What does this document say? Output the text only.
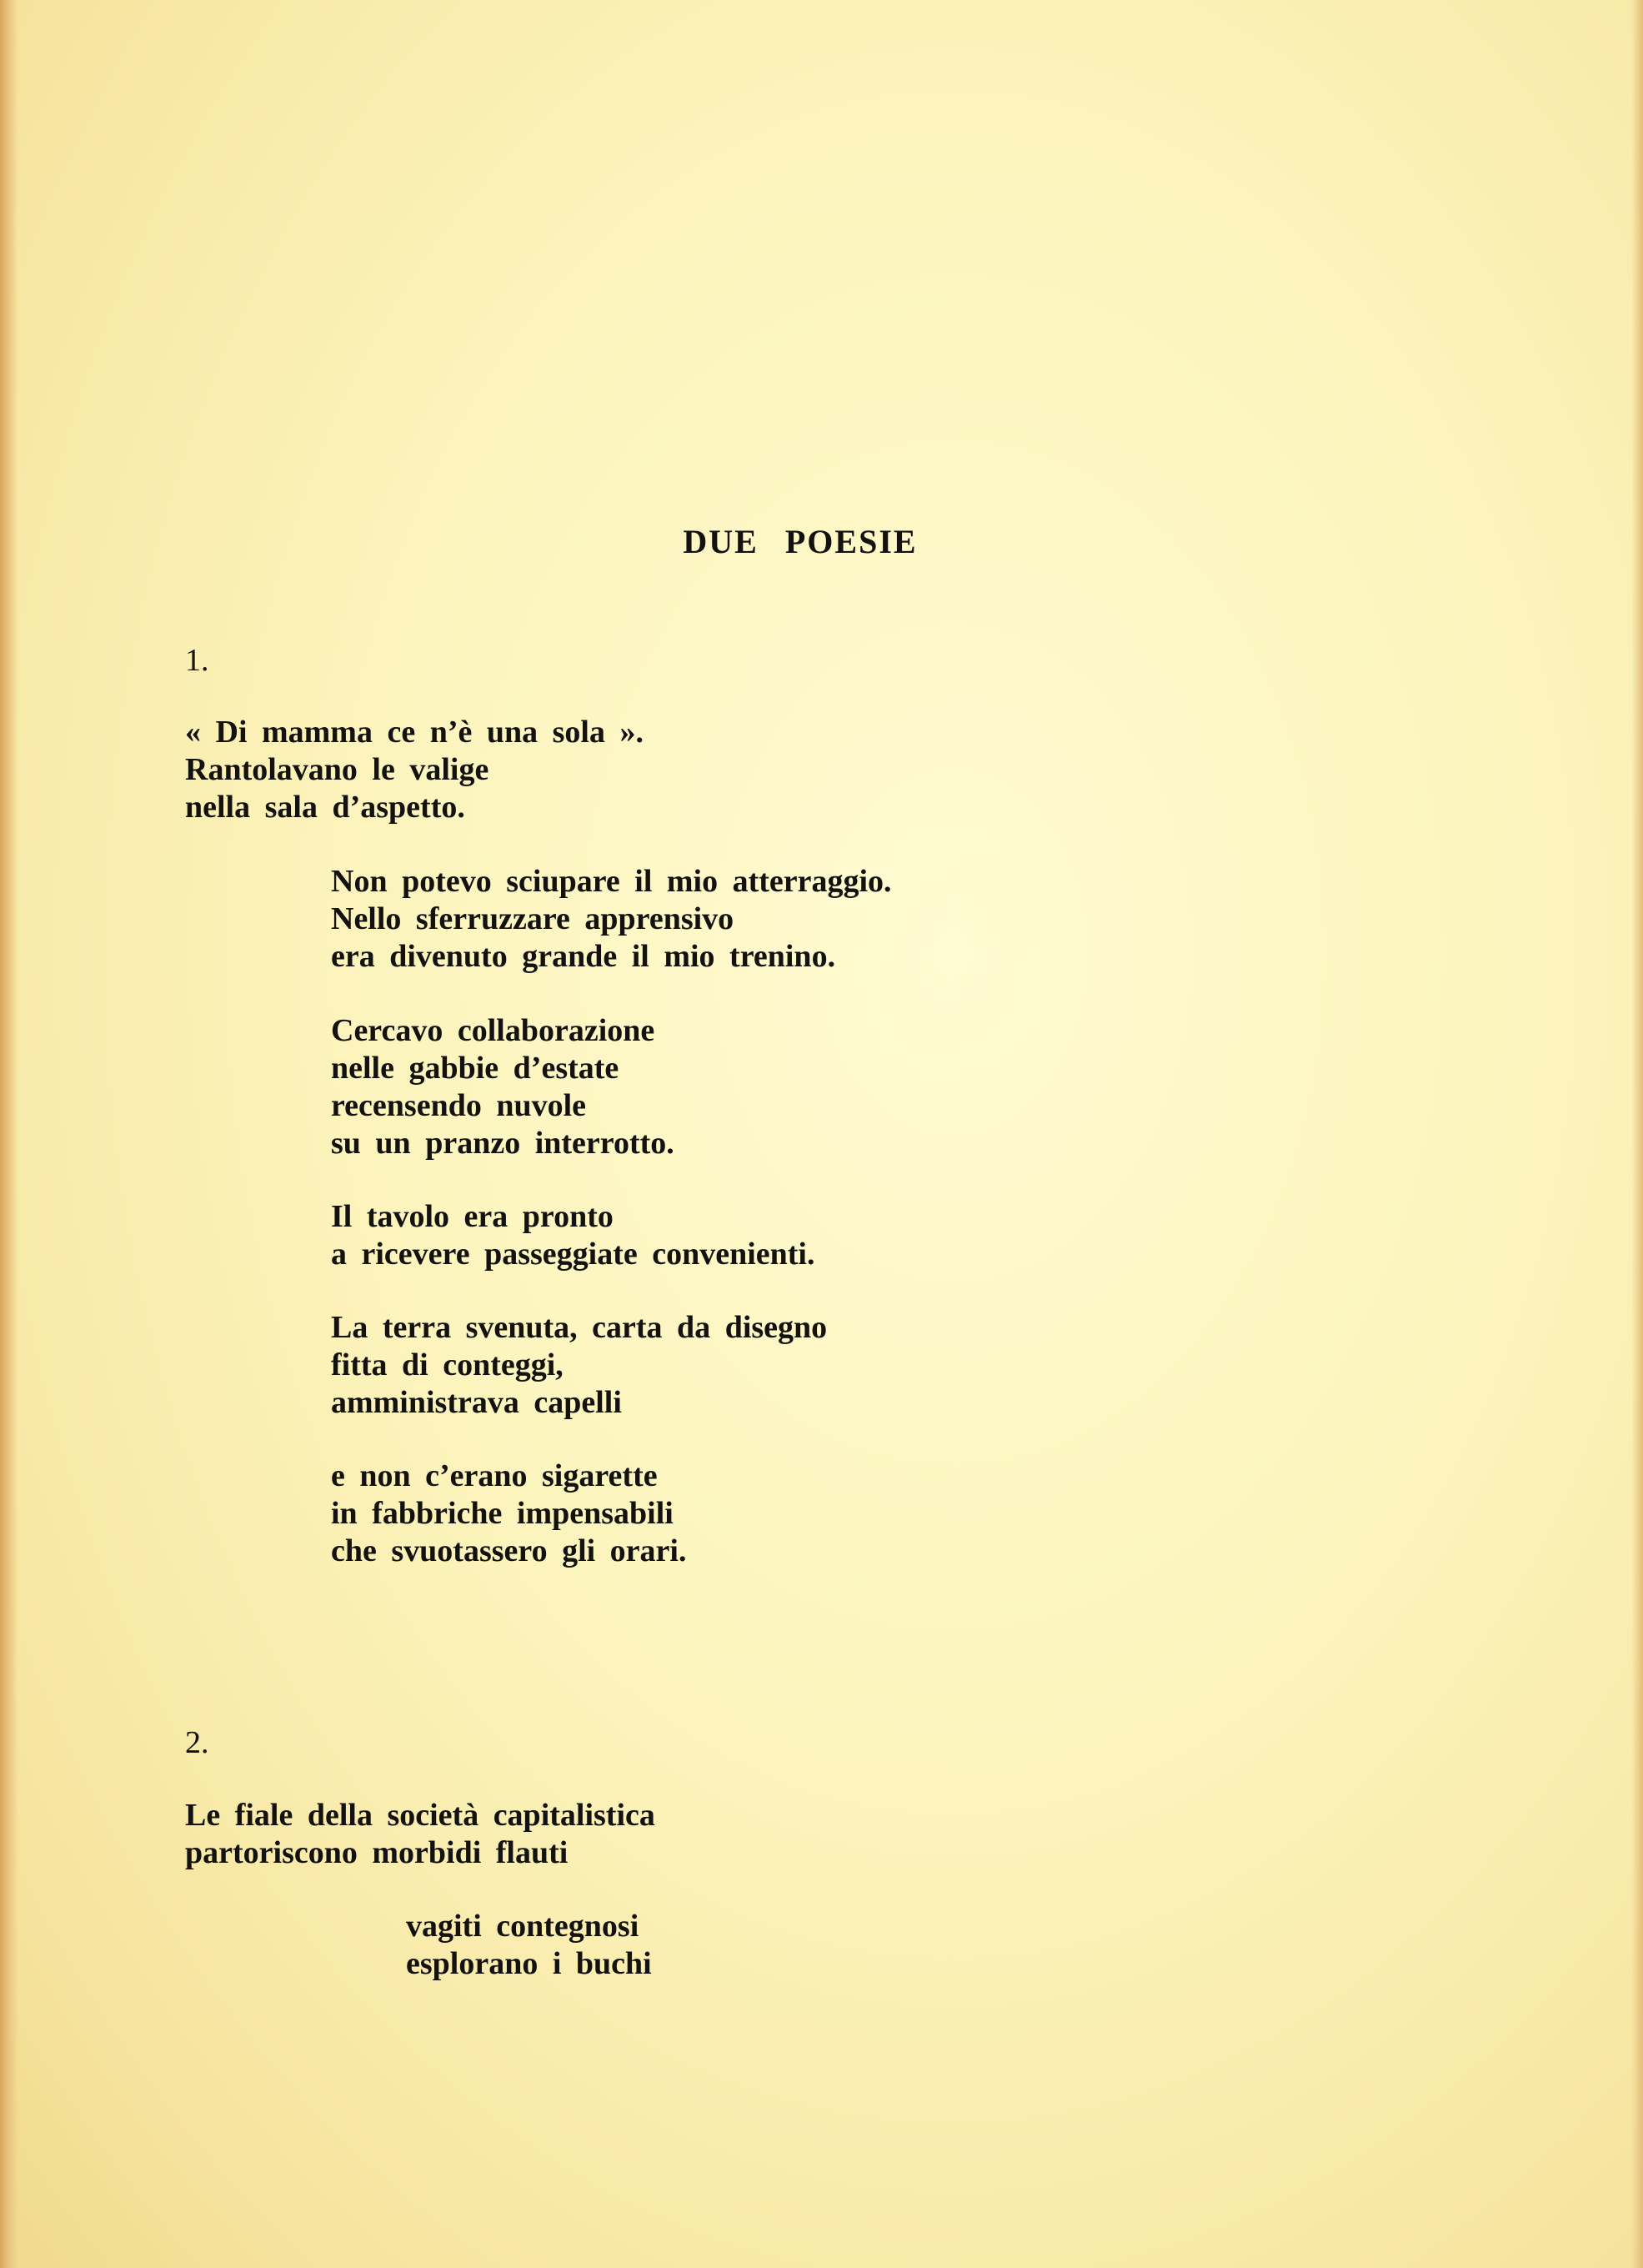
DUE POESIE
1.
« Di mamma ce n’è una sola ».
Rantolavano le valige
nella sala d’aspetto.
Non potevo sciupare il mio atterraggio.
Nello sferruzzare apprensivo
era divenuto grande il mio trenino.
Cercavo collaborazione
nelle gabbie d’estate
recensendo nuvole
su un pranzo interrotto.
Il tavolo era pronto
a ricevere passeggiate convenienti.
La terra svenuta, carta da disegno
fitta di conteggi,
amministrava capelli
e non c’erano sigarette
in fabbriche impensabili
che svuotassero gli orari.
2.
Le fiale della società capitalistica
partoriscono morbidi flauti
vagiti contegnosi
esplorano i buchi
